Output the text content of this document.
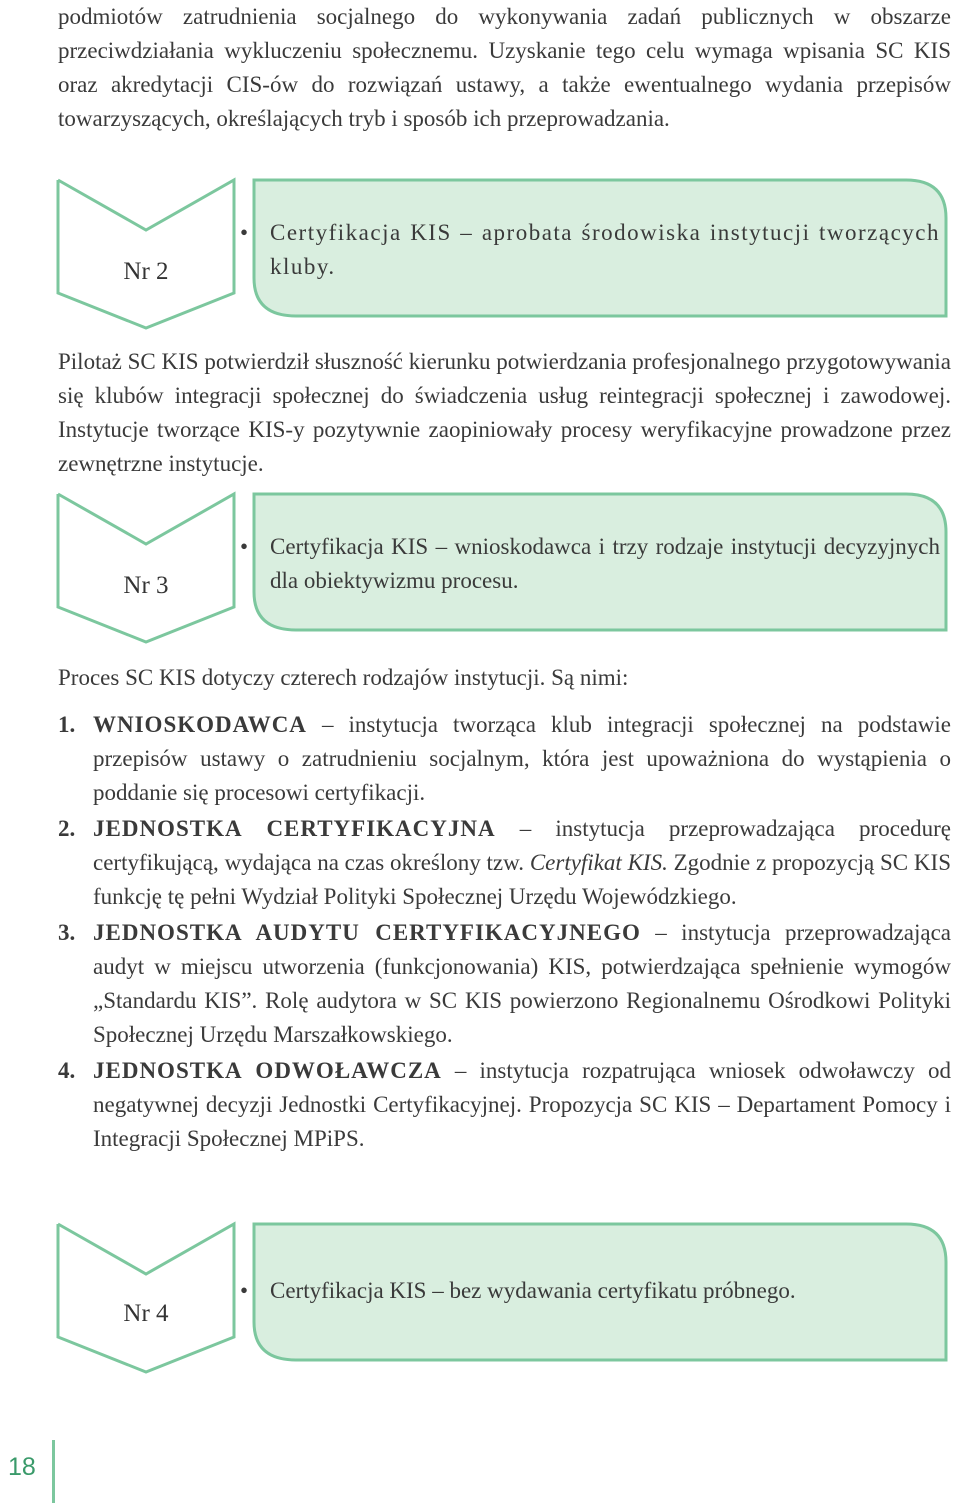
podmiotów zatrudnienia socjalnego do wykonywania zadań publicznych w obszarze przeciwdziałania wykluczeniu społecznemu. Uzyskanie tego celu wymaga wpisania SC KIS oraz akredytacji CIS-ów do rozwiązań ustawy, a także ewentualnego wydania przepisów towarzyszących, określających tryb i sposób ich przeprowadzania.

Nr 2
• Certyfikacja KIS – aprobata środowiska instytucji tworzących kluby.

Pilotaż SC KIS potwierdził słuszność kierunku potwierdzania profesjonalnego przygotowywania się klubów integracji społecznej do świadczenia usług reintegracji społecznej i zawodowej. Instytucje tworzące KIS-y pozytywnie zaopiniowały procesy weryfikacyjne prowadzone przez zewnętrzne instytucje.

Nr 3
• Certyfikacja KIS – wnioskodawca i trzy rodzaje instytucji decyzyjnych dla obiektywizmu procesu.

Proces SC KIS dotyczy czterech rodzajów instytucji. Są nimi:

1. WNIOSKODAWCA – instytucja tworząca klub integracji społecznej na podstawie przepisów ustawy o zatrudnieniu socjalnym, która jest upoważniona do wystąpienia o poddanie się procesowi certyfikacji.
2. JEDNOSTKA CERTYFIKACYJNA – instytucja przeprowadzająca procedurę certyfikującą, wydająca na czas określony tzw. Certyfikat KIS. Zgodnie z propozycją SC KIS funkcję tę pełni Wydział Polityki Społecznej Urzędu Wojewódzkiego.
3. JEDNOSTKA AUDYTU CERTYFIKACYJNEGO – instytucja przeprowadzająca audyt w miejscu utworzenia (funkcjonowania) KIS, potwierdzająca spełnienie wymogów „Standardu KIS”. Rolę audytora w SC KIS powierzono Regionalnemu Ośrodkowi Polityki Społecznej Urzędu Marszałkowskiego.
4. JEDNOSTKA ODWOŁAWCZA – instytucja rozpatrująca wniosek odwoławczy od negatywnej decyzji Jednostki Certyfikacyjnej. Propozycja SC KIS – Departament Pomocy i Integracji Społecznej MPiPS.
Nr 4
• Certyfikacja KIS – bez wydawania certyfikatu próbnego.
18
